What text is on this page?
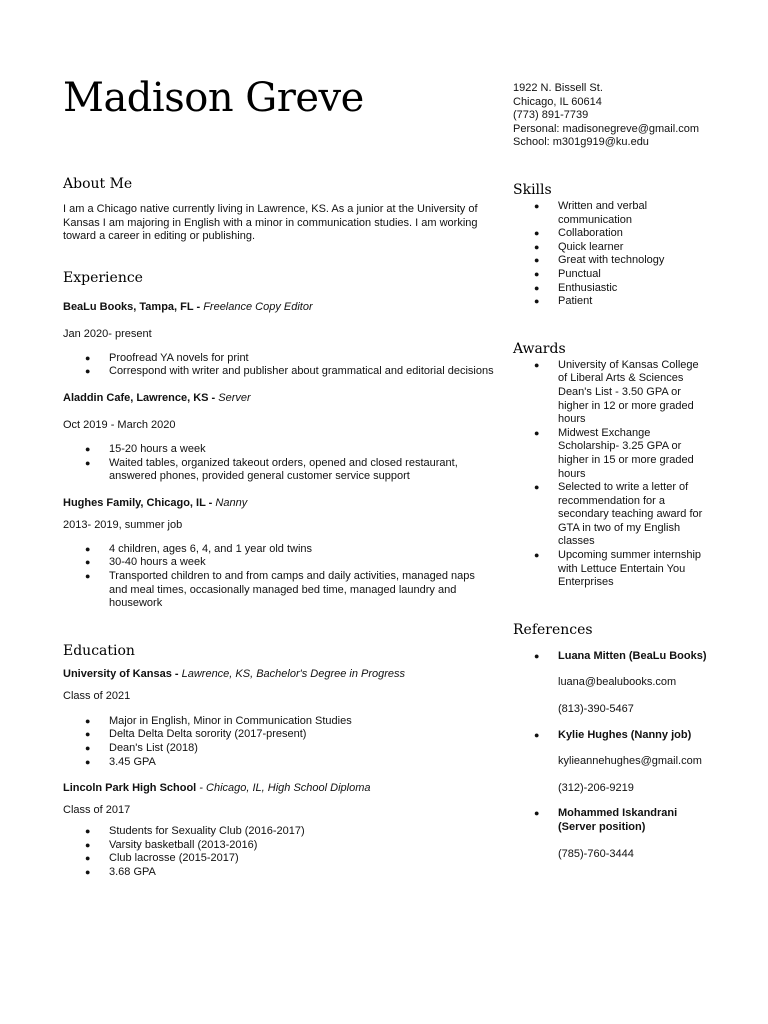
Madison Greve	1922 N. Bissell St.
Chicago, IL 60614
(773) 891-7739
Personal: madisonegreve@gmail.com
School: m301g919@ku.edu
About Me

I am a Chicago native currently living in Lawrence, KS. As a junior at the University of Kansas I am majoring in English with a minor in communication studies. I am working toward a career in editing or publishing.

Experience
BeaLu Books, Tampa, FL - Freelance Copy Editor
Jan 2020- present
● Proofread YA novels for print
● Correspond with writer and publisher about grammatical and editorial decisions
Aladdin Cafe, Lawrence, KS - Server
Oct 2019 - March 2020
● 15-20 hours a week
● Waited tables, organized takeout orders, opened and closed restaurant, answered phones, provided general customer service support
Hughes Family, Chicago, IL - Nanny
2013- 2019, summer job
● 4 children, ages 6, 4, and 1 year old twins
● 30-40 hours a week
● Transported children to and from camps and daily activities, managed naps and meal times, occasionally managed bed time, managed laundry and housework
Education
University of Kansas - Lawrence, KS, Bachelor's Degree in Progress
Class of 2021
● Major in English, Minor in Communication Studies
● Delta Delta Delta sorority (2017-present)
● Dean's List (2018)
● 3.45 GPA
Lincoln Park High School - Chicago, IL, High School Diploma
Class of 2017
● Students for Sexuality Club (2016-2017)
● Varsity basketball (2013-2016)
● Club lacrosse (2015-2017)
● 3.68 GPA
Skills
● Written and verbal communication
● Collaboration
● Quick learner
● Great with technology
● Punctual
● Enthusiastic
● Patient
Awards
● University of Kansas College of Liberal Arts & Sciences Dean's List - 3.50 GPA or higher in 12 or more graded hours
● Midwest Exchange Scholarship- 3.25 GPA or higher in 15 or more graded hours
● Selected to write a letter of recommendation for a secondary teaching award for GTA in two of my English classes
● Upcoming summer internship with Lettuce Entertain You Enterprises
References
● Luana Mitten (BeaLu Books)
luana@bealubooks.com
(813)-390-5467
● Kylie Hughes (Nanny job)
kylieannehughes@gmail.com
(312)-206-9219
● Mohammed Iskandrani (Server position)
(785)-760-3444
